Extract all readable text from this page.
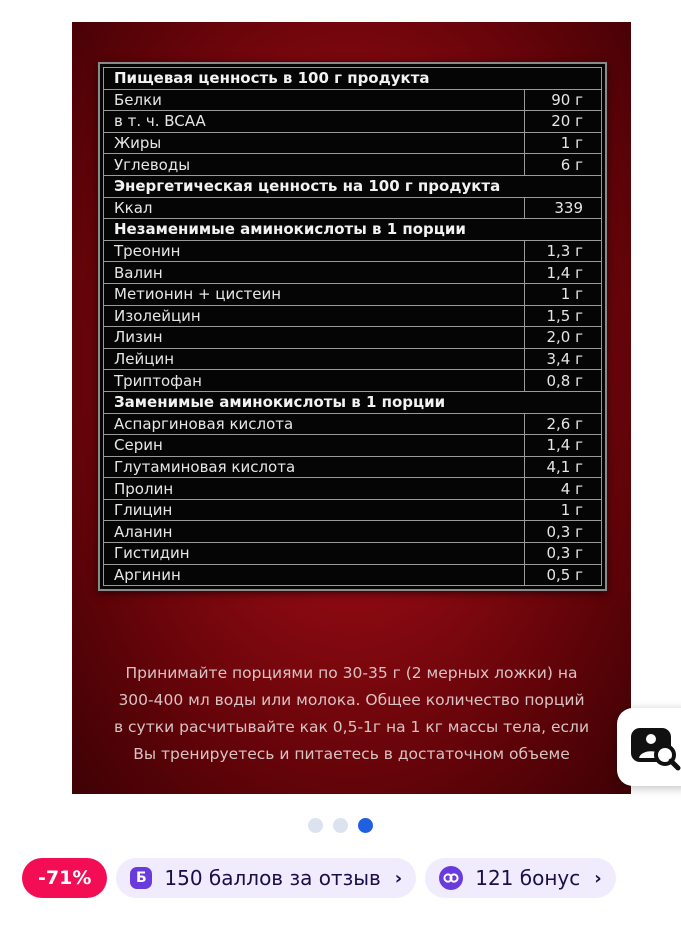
Пищевая ценность в 100 г продукта	
Белки	90 г
в т. ч. BCAA	20 г
Жиры	1 г
Углеводы	6 г
Энергетическая ценность на 100 г продукта	
Ккал	339
Незаменимые аминокислоты в 1 порции	
Треонин	1,3 г
Валин	1,4 г
Метионин + цистеин	1 г
Изолейцин	1,5 г
Лизин	2,0 г
Лейцин	3,4 г
Триптофан	0,8 г
Заменимые аминокислоты в 1 порции	
Аспаргиновая кислота	2,6 г
Серин	1,4 г
Глутаминовая кислота	4,1 г
Пролин	4 г
Глицин	1 г
Аланин	0,3 г
Гистидин	0,3 г
Аргинин	0,5 г
Принимайте порциями по 30-35 г (2 мерных ложки) на
300-400 мл воды или молока. Общее количество порций
в сутки расчитывайте как 0,5-1г на 1 кг массы тела, если
Вы тренируетесь и питаетесь в достаточном объеме
-71%	Б 150 баллов за отзыв ›	121 бонус ›
